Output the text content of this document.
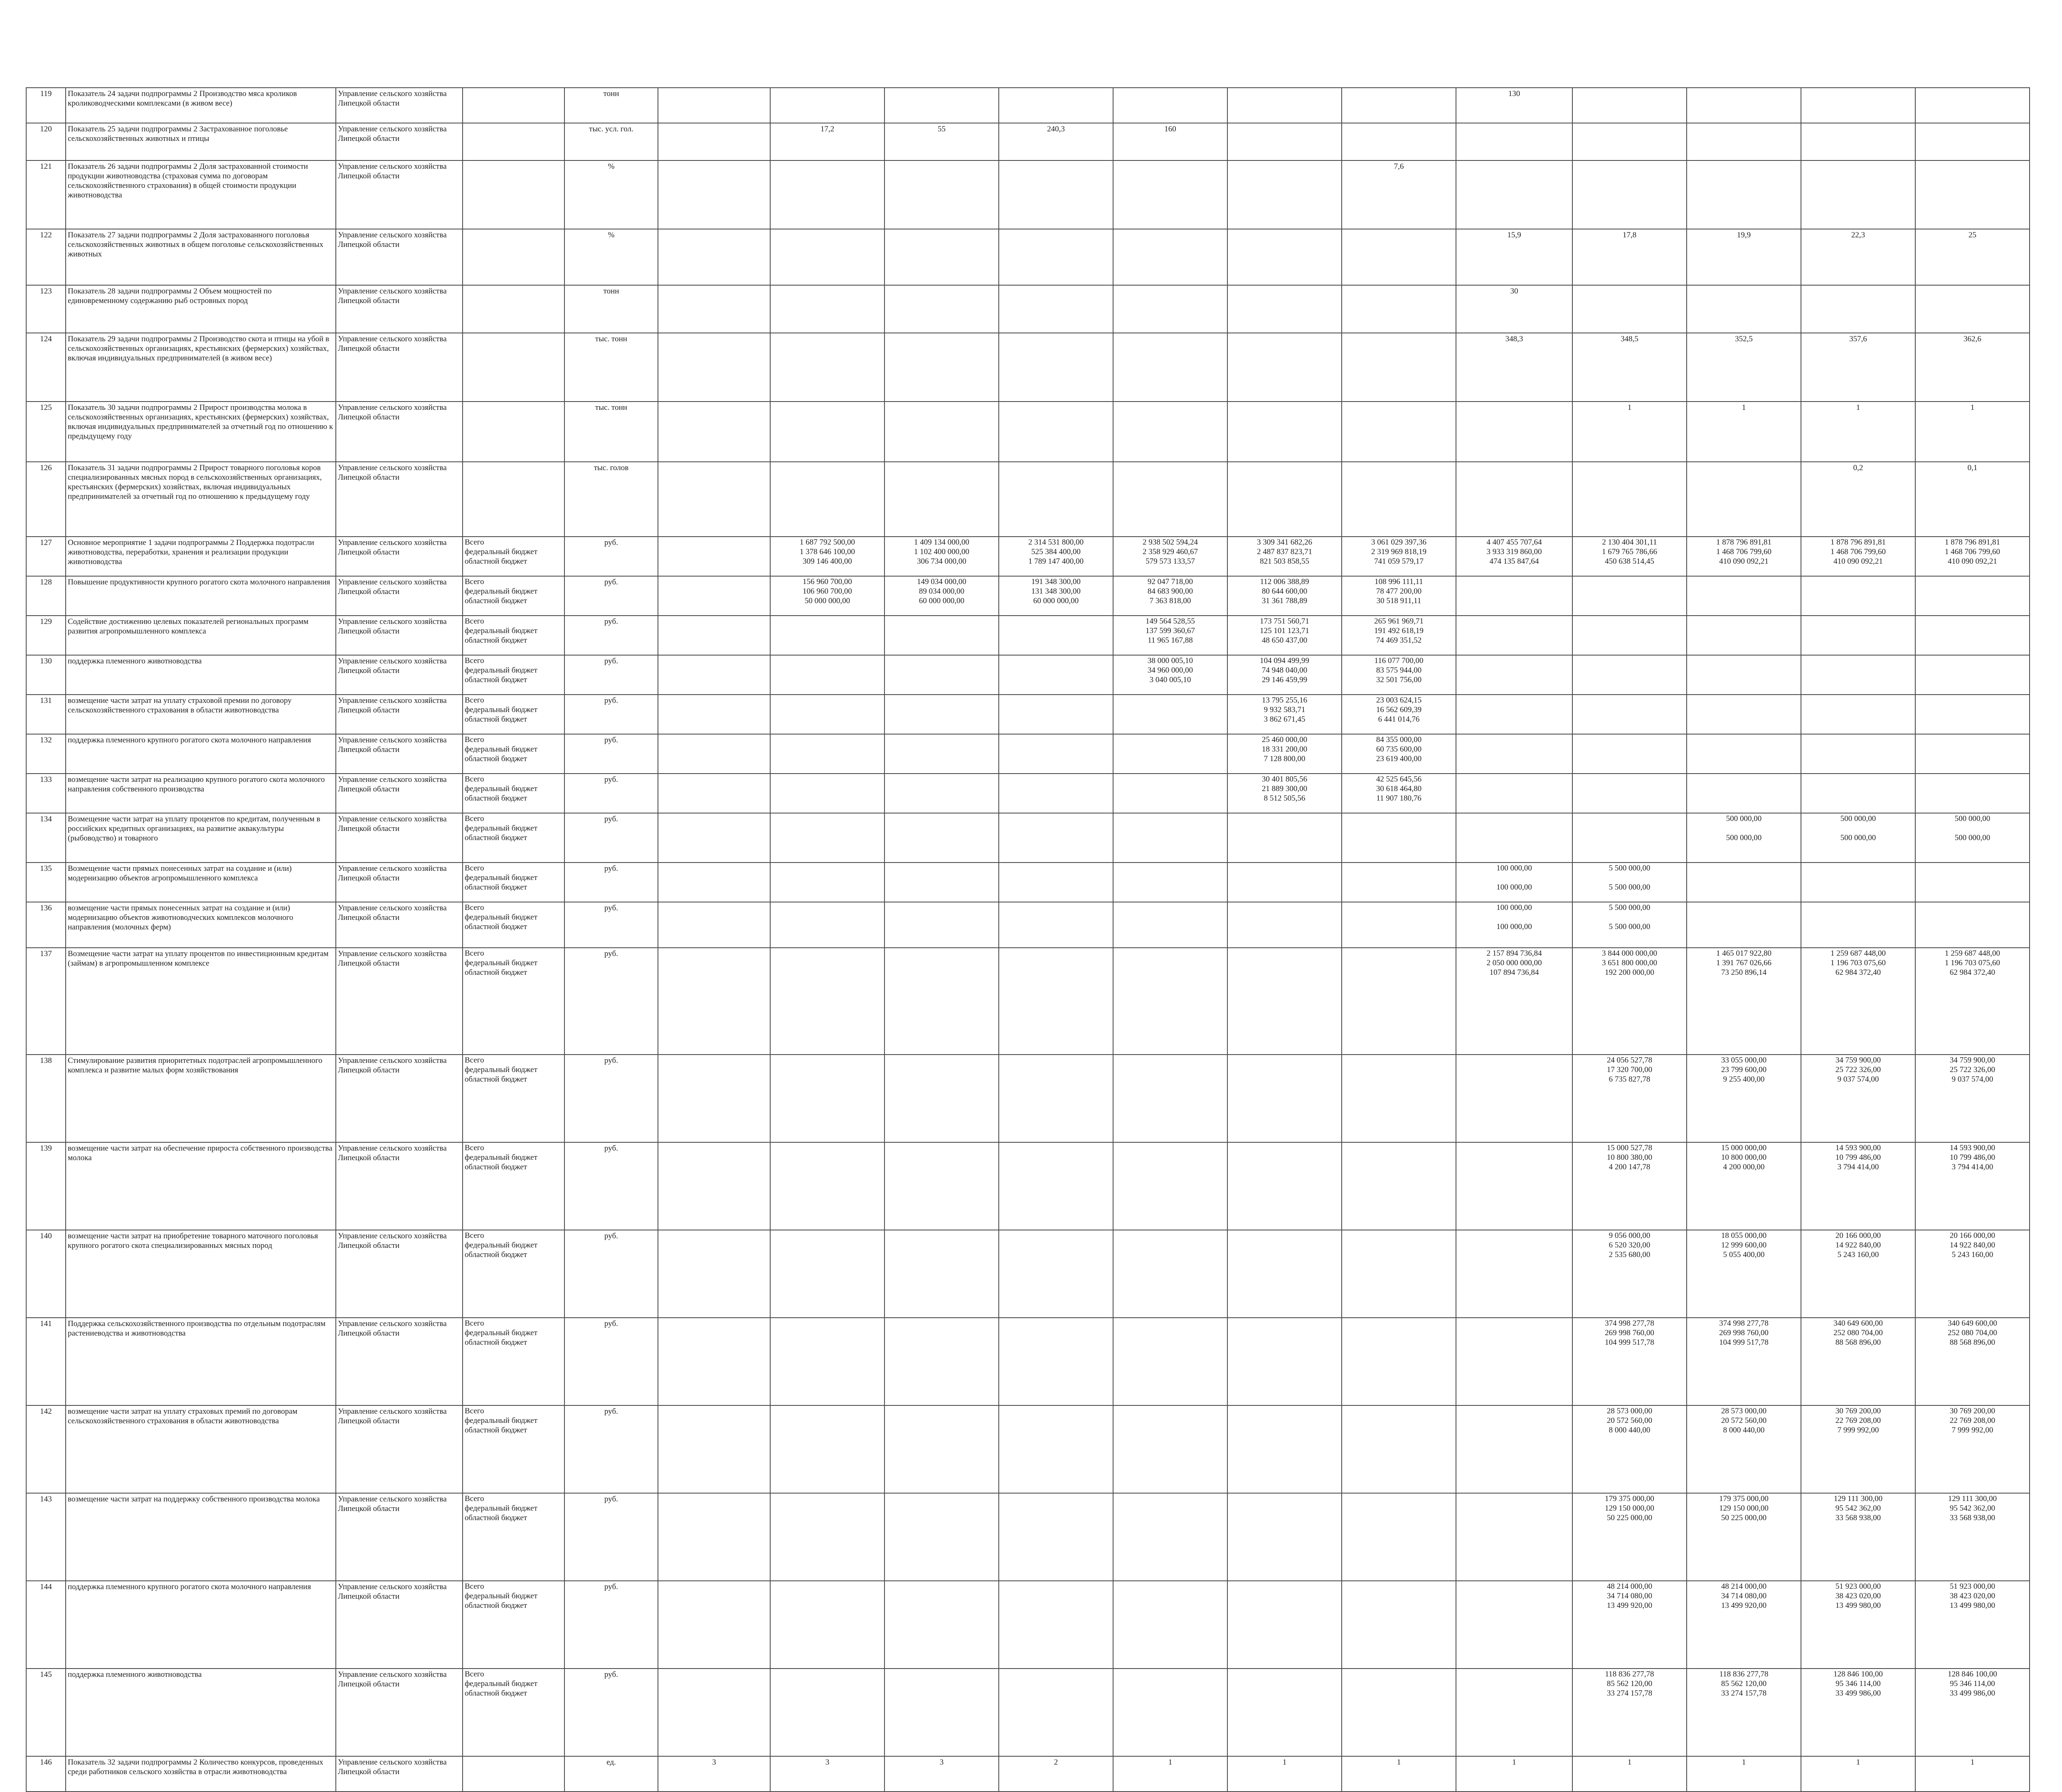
119	Показатель 24 задачи подпрограммы 2 Производство мяса кроликов кролиководческими комплексами (в живом весе)	Управление сельского хозяйства Липецкой области		тонн								130						
120	Показатель 25 задачи подпрограммы 2 Застрахованное поголовье сельскохозяйственных животных и птицы	Управление сельского хозяйства Липецкой области		тыс. усл. гол.		17,2	55	240,3	160									
121	Показатель 26 задачи подпрограммы 2 Доля застрахованной стоимости продукции животноводства (страховая сумма по договорам сельскохозяйственного страхования) в общей стоимости продукции животноводства	Управление сельского хозяйства Липецкой области		%							7,6							
122	Показатель 27 задачи подпрограммы 2 Доля застрахованного поголовья сельскохозяйственных животных в общем поголовье сельскохозяйственных животных	Управление сельского хозяйства Липецкой области		%								15,9	17,8	19,9	22,3	25		
123	Показатель 28 задачи подпрограммы 2 Объем мощностей по единовременному содержанию рыб островных пород	Управление сельского хозяйства Липецкой области		тонн								30						
124	Показатель 29 задачи подпрограммы 2 Производство скота и птицы на убой в сельскохозяйственных организациях, крестьянских (фермерских) хозяйствах, включая индивидуальных предпринимателей (в живом весе)	Управление сельского хозяйства Липецкой области		тыс. тонн								348,3	348,5	352,5	357,6	362,6		
125	Показатель 30 задачи подпрограммы 2 Прирост производства молока в сельскохозяйственных организациях, крестьянских (фермерских) хозяйствах, включая индивидуальных предпринимателей за отчетный год по отношению к предыдущему году	Управление сельского хозяйства Липецкой области		тыс. тонн									1	1	1	1		
126	Показатель 31 задачи подпрограммы 2 Прирост товарного поголовья коров специализированных мясных пород в сельскохозяйственных организациях, крестьянских (фермерских) хозяйствах, включая индивидуальных предпринимателей за отчетный год по отношению к предыдущему году	Управление сельского хозяйства Липецкой области		тыс. голов											0,2	0,1		
127	Основное мероприятие 1 задачи подпрограммы 2 Поддержка подотрасли животноводства, переработки, хранения и реализации продукции животноводства	Управление сельского хозяйства Липецкой области	Всего
федеральный бюджет
областной бюджет	руб.		1 687 792 500,00
1 378 646 100,00
309 146 400,00	1 409 134 000,00
1 102 400 000,00
306 734 000,00	2 314 531 800,00
525 384 400,00
1 789 147 400,00	2 938 502 594,24
2 358 929 460,67
579 573 133,57	3 309 341 682,26
2 487 837 823,71
821 503 858,55	3 061 029 397,36
2 319 969 818,19
741 059 579,17	4 407 455 707,64
3 933 319 860,00
474 135 847,64	2 130 404 301,11
1 679 765 786,66
450 638 514,45	1 878 796 891,81
1 468 706 799,60
410 090 092,21	1 878 796 891,81
1 468 706 799,60
410 090 092,21	1 878 796 891,81
1 468 706 799,60
410 090 092,21	

128	Повышение продуктивности крупного рогатого скота молочного направления	Управление сельского хозяйства Липецкой области	Всего
федеральный бюджет
областной бюджет	руб.		156 960 700,00
106 960 700,00
50 000 000,00	149 034 000,00
89 034 000,00
60 000 000,00	191 348 300,00
131 348 300,00
60 000 000,00	92 047 718,00
84 683 900,00
7 363 818,00	112 006 388,89
80 644 600,00
31 361 788,89	108 996 111,11
78 477 200,00
30 518 911,11						

129	Содействие достижению целевых показателей региональных программ развития агропромышленного комплекса	Управление сельского хозяйства Липецкой области	Всего
федеральный бюджет
областной бюджет	руб.					149 564 528,55
137 599 360,67
11 965 167,88	173 751 560,71
125 101 123,71
48 650 437,00	265 961 969,71
191 492 618,19
74 469 351,52						

130	поддержка племенного животноводства	Управление сельского хозяйства Липецкой области	Всего
федеральный бюджет
областной бюджет	руб.					38 000 005,10
34 960 000,00
3 040 005,10	104 094 499,99
74 948 040,00
29 146 459,99	116 077 700,00
83 575 944,00
32 501 756,00						

131	возмещение части затрат на уплату страховой премии по договору сельскохозяйственного страхования в области животноводства	Управление сельского хозяйства Липецкой области	Всего
федеральный бюджет
областной бюджет	руб.						13 795 255,16
9 932 583,71
3 862 671,45	23 003 624,15
16 562 609,39
6 441 014,76						

132	поддержка племенного крупного рогатого скота молочного направления	Управление сельского хозяйства Липецкой области	Всего
федеральный бюджет
областной бюджет	руб.						25 460 000,00
18 331 200,00
7 128 800,00	84 355 000,00
60 735 600,00
23 619 400,00						

133	возмещение части затрат на реализацию крупного рогатого скота молочного направления собственного производства	Управление сельского хозяйства Липецкой области	Всего
федеральный бюджет
областной бюджет	руб.						30 401 805,56
21 889 300,00
8 512 505,56	42 525 645,56
30 618 464,80
11 907 180,76						

134	Возмещение части затрат на уплату процентов по кредитам, полученным в российских кредитных организациях, на развитие аквакультуры (рыбоводство) и товарного	Управление сельского хозяйства Липецкой области	Всего
федеральный бюджет
областной бюджет	руб.										500 000,00

500 000,00	500 000,00

500 000,00	500 000,00

500 000,00

135	Возмещение части прямых понесенных затрат на создание и (или) модернизацию объектов агропромышленного комплекса	Управление сельского хозяйства Липецкой области	Всего
федеральный бюджет
областной бюджет	руб.								100 000,00

100 000,00	5 500 000,00

5 500 000,00				

136	возмещение части прямых понесенных затрат на создание и (или) модернизацию объектов животноводческих комплексов молочного направления (молочных ферм)	Управление сельского хозяйства Липецкой области	Всего
федеральный бюджет
областной бюджет	руб.								100 000,00

100 000,00	5 500 000,00

5 500 000,00				

137	Возмещение части затрат на уплату процентов по инвестиционным кредитам (займам) в агропромышленном комплексе	Управление сельского хозяйства Липецкой области	Всего
федеральный бюджет
областной бюджет	руб.								2 157 894 736,84
2 050 000 000,00
107 894 736,84	3 844 000 000,00
3 651 800 000,00
192 200 000,00	1 465 017 922,80
1 391 767 026,66
73 250 896,14	1 259 687 448,00
1 196 703 075,60
62 984 372,40	1 259 687 448,00
1 196 703 075,60
62 984 372,40

138	Стимулирование развития приоритетных подотраслей агропромышленного комплекса и развитие малых форм хозяйствования	Управление сельского хозяйства Липецкой области	Всего
федеральный бюджет
областной бюджет	руб.									24 056 527,78
17 320 700,00
6 735 827,78	33 055 000,00
23 799 600,00
9 255 400,00	34 759 900,00
25 722 326,00
9 037 574,00	34 759 900,00
25 722 326,00
9 037 574,00

139	возмещение части затрат на обеспечение прироста собственного производства молока	Управление сельского хозяйства Липецкой области	Всего
федеральный бюджет
областной бюджет	руб.									15 000 527,78
10 800 380,00
4 200 147,78	15 000 000,00
10 800 000,00
4 200 000,00	14 593 900,00
10 799 486,00
3 794 414,00	14 593 900,00
10 799 486,00
3 794 414,00

140	возмещение части затрат на приобретение товарного маточного поголовья крупного рогатого скота специализированных мясных пород	Управление сельского хозяйства Липецкой области	Всего
федеральный бюджет
областной бюджет	руб.									9 056 000,00
6 520 320,00
2 535 680,00	18 055 000,00
12 999 600,00
5 055 400,00	20 166 000,00
14 922 840,00
5 243 160,00	20 166 000,00
14 922 840,00
5 243 160,00

141	Поддержка сельскохозяйственного производства по отдельным подотраслям растениеводства и животноводства	Управление сельского хозяйства Липецкой области	Всего
федеральный бюджет
областной бюджет	руб.									374 998 277,78
269 998 760,00
104 999 517,78	374 998 277,78
269 998 760,00
104 999 517,78	340 649 600,00
252 080 704,00
88 568 896,00	340 649 600,00
252 080 704,00
88 568 896,00

142	возмещение части затрат на уплату страховых премий по договорам сельскохозяйственного страхования в области животноводства	Управление сельского хозяйства Липецкой области	Всего
федеральный бюджет
областной бюджет	руб.									28 573 000,00
20 572 560,00
8 000 440,00	28 573 000,00
20 572 560,00
8 000 440,00	30 769 200,00
22 769 208,00
7 999 992,00	30 769 200,00
22 769 208,00
7 999 992,00

143	возмещение части затрат на поддержку собственного производства молока	Управление сельского хозяйства Липецкой области	Всего
федеральный бюджет
областной бюджет	руб.									179 375 000,00
129 150 000,00
50 225 000,00	179 375 000,00
129 150 000,00
50 225 000,00	129 111 300,00
95 542 362,00
33 568 938,00	129 111 300,00
95 542 362,00
33 568 938,00

144	поддержка племенного крупного рогатого скота молочного направления	Управление сельского хозяйства Липецкой области	Всего
федеральный бюджет
областной бюджет	руб.									48 214 000,00
34 714 080,00
13 499 920,00	48 214 000,00
34 714 080,00
13 499 920,00	51 923 000,00
38 423 020,00
13 499 980,00	51 923 000,00
38 423 020,00
13 499 980,00

145	поддержка племенного животноводства	Управление сельского хозяйства Липецкой области	Всего
федеральный бюджет
областной бюджет	руб.									118 836 277,78
85 562 120,00
33 274 157,78	118 836 277,78
85 562 120,00
33 274 157,78	128 846 100,00
95 346 114,00
33 499 986,00	128 846 100,00
95 346 114,00
33 499 986,00

146	Показатель 32 задачи подпрограммы 2 Количество конкурсов, проведенных среди работников сельского хозяйства в отрасли животноводства	Управление сельского хозяйства Липецкой области		ед.	3	3	3	2	1	1	1	1	1	1	1	1		
